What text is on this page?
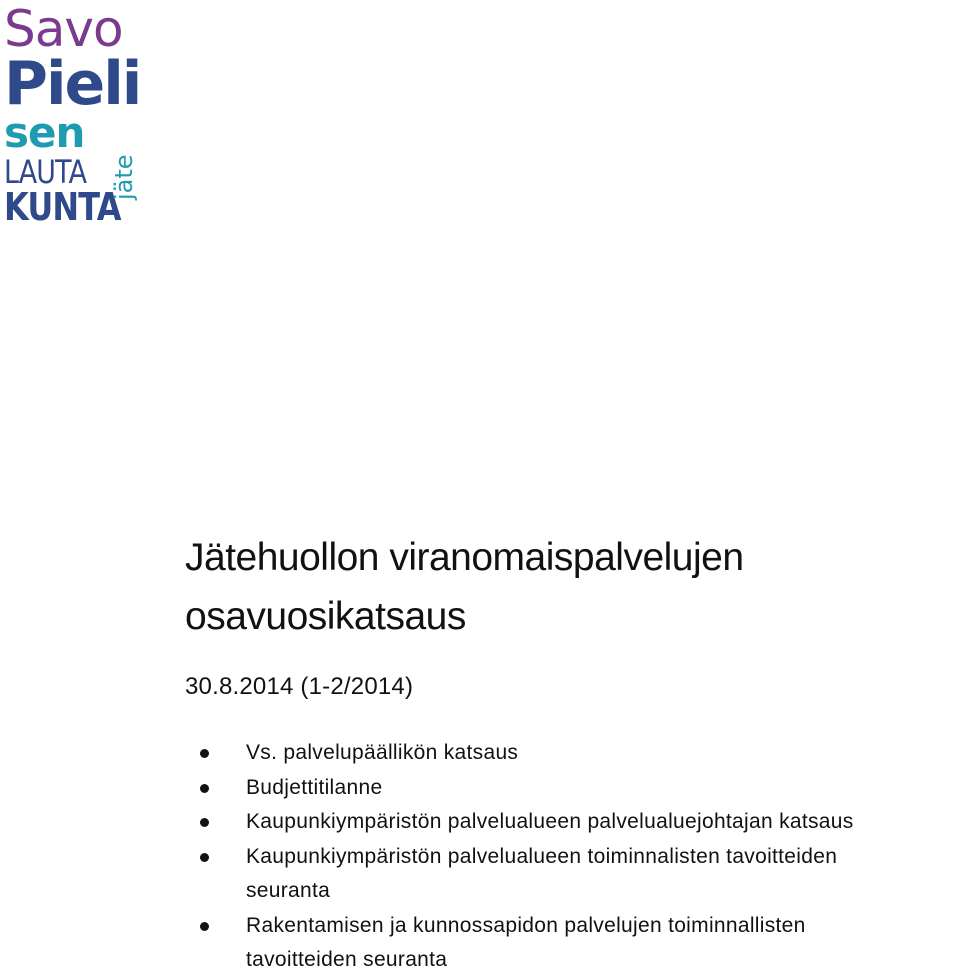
Savo
Pieli
sen
LAUTA
KUNTA
jäte
Jätehuollon viranomaispalvelujen
osavuosikatsaus

30.8.2014 (1-2/2014)

Vs. palvelupäällikön katsaus
Budjettitilanne
Kaupunkiympäristön palvelualueen palvelualuejohtajan katsaus
Kaupunkiympäristön palvelualueen toiminnalisten tavoitteiden
seuranta
Rakentamisen ja kunnossapidon palvelujen toiminnallisten
tavoitteiden seuranta
